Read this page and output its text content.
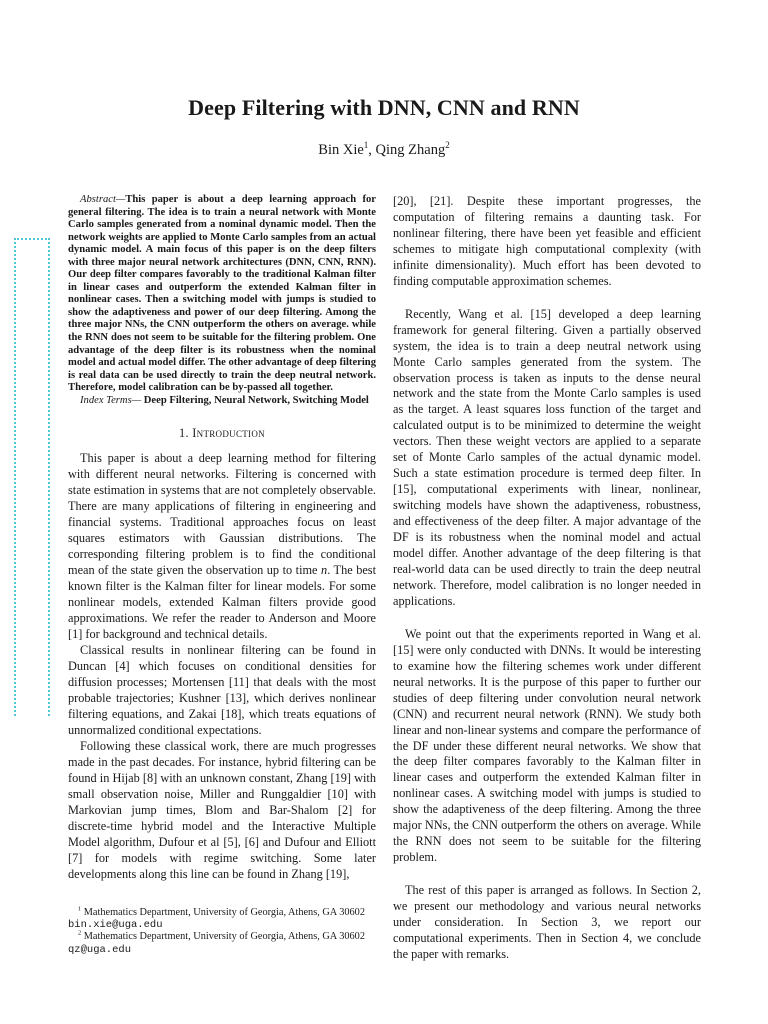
Deep Filtering with DNN, CNN and RNN
Bin Xie$^1$, Qing Zhang$^2$

Abstract—This paper is about a deep learning approach for general filtering. The idea is to train a neural network with Monte Carlo samples generated from a nominal dynamic model. Then the network weights are applied to Monte Carlo samples from an actual dynamic model. A main focus of this paper is on the deep filters with three major neural network architectures (DNN, CNN, RNN). Our deep filter compares favorably to the traditional Kalman filter in linear cases and outperform the extended Kalman filter in nonlinear cases. Then a switching model with jumps is studied to show the adaptiveness and power of our deep filtering. Among the three major NNs, the CNN outperform the others on average. while the RNN does not seem to be suitable for the filtering problem. One advantage of the deep filter is its robustness when the nominal model and actual model differ. The other advantage of deep filtering is real data can be used directly to train the deep neutral network. Therefore, model calibration can be by-passed all together.

Index Terms— Deep Filtering, Neural Network, Switching Model

1. Introduction

This paper is about a deep learning method for filtering with different neural networks. Filtering is concerned with state estimation in systems that are not completely observable. There are many applications of filtering in engineering and financial systems. Traditional approaches focus on least squares estimators with Gaussian distributions. The corresponding filtering problem is to find the conditional mean of the state given the observation up to time n. The best known filter is the Kalman filter for linear models. For some nonlinear models, extended Kalman filters provide good approximations. We refer the reader to Anderson and Moore [1] for background and technical details.

Classical results in nonlinear filtering can be found in Duncan [4] which focuses on conditional densities for diffusion processes; Mortensen [11] that deals with the most probable trajectories; Kushner [13], which derives nonlinear filtering equations, and Zakai [18], which treats equations of unnormalized conditional expectations.

Following these classical work, there are much progresses made in the past decades. For instance, hybrid filtering can be found in Hijab [8] with an unknown constant, Zhang [19] with small observation noise, Miller and Runggaldier [10] with Markovian jump times, Blom and Bar-Shalom [2] for discrete-time hybrid model and the Interactive Multiple Model algorithm, Dufour et al [5], [6] and Dufour and Elliott [7] for models with regime switching. Some later developments along this line can be found in Zhang [19],

$^1$ Mathematics Department, University of Georgia, Athens, GA 30602
bin.xie@uga.edu
$^2$ Mathematics Department, University of Georgia, Athens, GA 30602
qz@uga.edu

[20], [21]. Despite these important progresses, the computation of filtering remains a daunting task. For nonlinear filtering, there have been yet feasible and efficient schemes to mitigate high computational complexity (with infinite dimensionality). Much effort has been devoted to finding computable approximation schemes.

Recently, Wang et al. [15] developed a deep learning framework for general filtering. Given a partially observed system, the idea is to train a deep neutral network using Monte Carlo samples generated from the system. The observation process is taken as inputs to the dense neural network and the state from the Monte Carlo samples is used as the target. A least squares loss function of the target and calculated output is to be minimized to determine the weight vectors. Then these weight vectors are applied to a separate set of Monte Carlo samples of the actual dynamic model. Such a state estimation procedure is termed deep filter. In [15], computational experiments with linear, nonlinear, switching models have shown the adaptiveness, robustness, and effectiveness of the deep filter. A major advantage of the DF is its robustness when the nominal model and actual model differ. Another advantage of the deep filtering is that real-world data can be used directly to train the deep neutral network. Therefore, model calibration is no longer needed in applications.

We point out that the experiments reported in Wang et al. [15] were only conducted with DNNs. It would be interesting to examine how the filtering schemes work under different neural networks. It is the purpose of this paper to further our studies of deep filtering under convolution neural network (CNN) and recurrent neural network (RNN). We study both linear and non-linear systems and compare the performance of the DF under these different neural networks. We show that the deep filter compares favorably to the Kalman filter in linear cases and outperform the extended Kalman filter in nonlinear cases. A switching model with jumps is studied to show the adaptiveness of the deep filtering. Among the three major NNs, the CNN outperform the others on average. While the RNN does not seem to be suitable for the filtering problem.

The rest of this paper is arranged as follows. In Section 2, we present our methodology and various neural networks under consideration. In Section 3, we report our computational experiments. Then in Section 4, we conclude the paper with remarks.
